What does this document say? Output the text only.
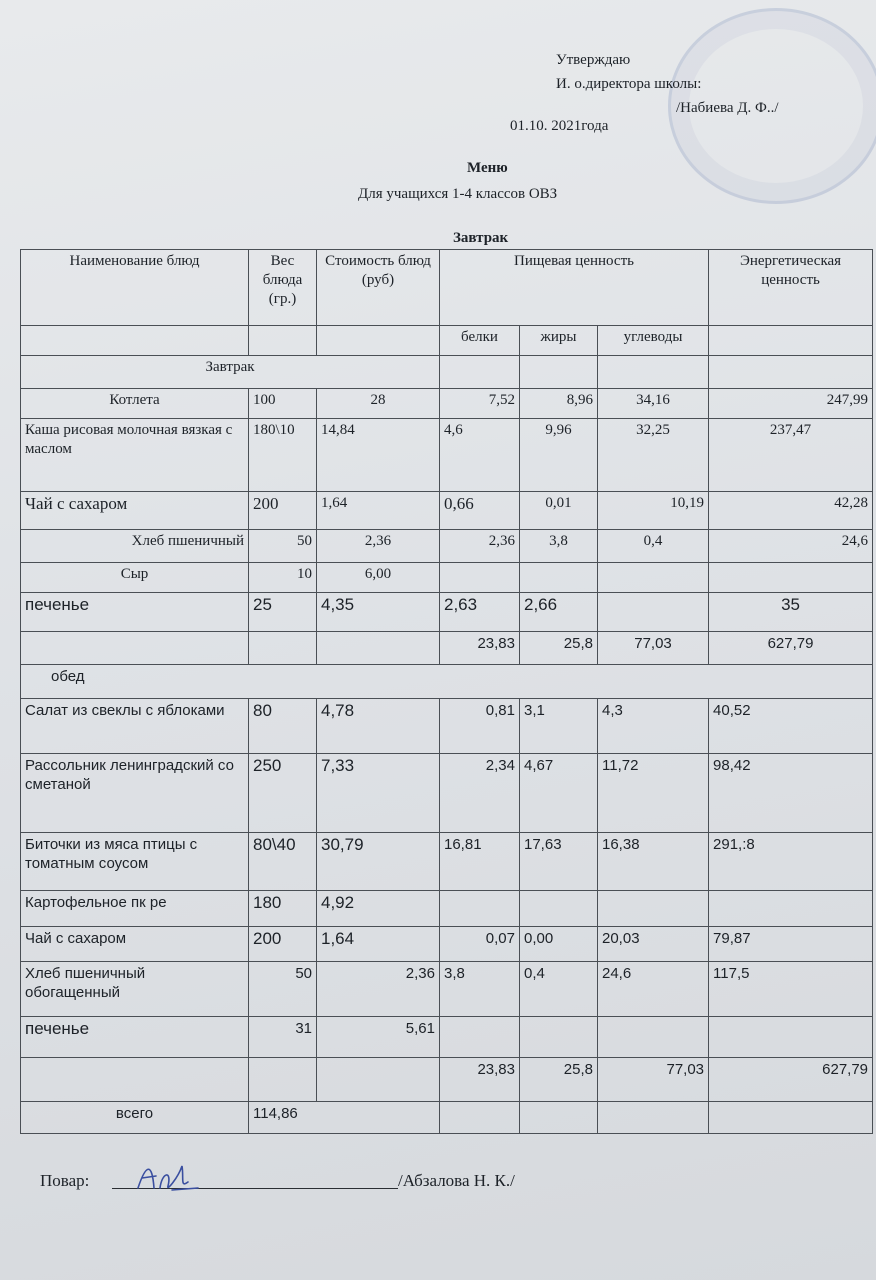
Утверждаю
И. о.директора школы:
/Набиева Д. Ф../
01.10. 2021года
Меню
Для учащихся 1-4 классов ОВЗ
Завтрак
Наименование блюд	Вес блюда (гр.)	Стоимость блюд (руб)	Пищевая ценность			Энергетическая ценность
			белки	жиры	углеводы	
Завтрак						
Котлета	100	28	7,52	8,96	34,16	247,99
Каша рисовая молочная вязкая с маслом	180\10	14,84	4,6	9,96	32,25	237,47
Чай с сахаром	200	1,64	0,66	0,01	10,19	42,28
Хлеб пшеничный	50	2,36	2,36	3,8	0,4	24,6
Сыр	10	6,00				
печенье	25	4,35	2,63	2,66		35
			23,83	25,8	77,03	627,79
обед						
Салат из свеклы с яблоками	80	4,78	0,81	3,1	4,3	40,52
Рассольник ленинградский со сметаной	250	7,33	2,34	4,67	11,72	98,42
Биточки из мяса птицы с томатным соусом	80\40	30,79	16,81	17,63	16,38	291,:8
Картофельное пк ре	180	4,92				
Чай с сахаром	200	1,64	0,07	0,00	20,03	79,87
Хлеб пшеничный обогащенный	50	2,36	3,8	0,4	24,6	117,5
печенье	31	5,61				
			23,83	25,8	77,03	627,79
всего	114,86					
Повар:	/Абзалова Н. К./
